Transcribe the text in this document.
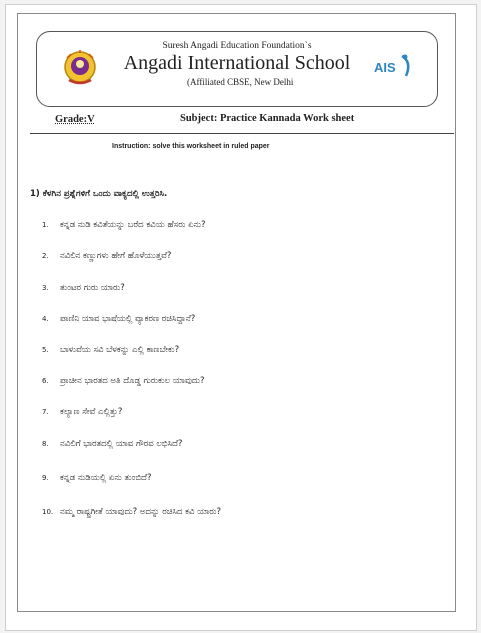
Suresh Angadi Education Foundation`s
Angadi International School
(Affiliated CBSE, New Delhi
AIS
Grade:V	Subject: Practice Kannada Work sheet
Instruction: solve this worksheet in ruled paper
1) ಕೆಳಗಿನ ಪ್ರಶ್ನೆಗಳಿಗೆ ಒಂದು ವಾಕ್ಯದಲ್ಲಿ ಉತ್ತರಿಸಿ.
1. ಕನ್ನಡ ನುಡಿ ಕವಿತೆಯನ್ನು ಬರೆದ ಕವಿಯ ಹೆಸರು ಏನು?
2. ನವಿಲಿನ ಕಣ್ಣುಗಳು ಹೇಗೆ ಹೊಳೆಯುತ್ತವೆ?
3. ತುಂಟರ ಗುರು ಯಾರು?
4. ಪಾಣಿನಿ ಯಾವ ಭಾಷೆಯಲ್ಲಿ ವ್ಯಾಕರಣ ರಚಿಸಿದ್ದಾನೆ?
5. ಬಾಳುವೆಯ ಸವಿ ಬೆಳಕನ್ನು ಎಲ್ಲಿ ಕಾಣಬೇಕು?
6. ಪ್ರಾಚೀನ ಭಾರತದ ಅತಿ ದೊಡ್ಡ ಗುರುಕುಲ ಯಾವುದು?
7. ಕಲ್ಯಾಣ ಸೇವೆ ಎಲ್ಲಿತ್ತು?
8. ನವಿಲಿಗೆ ಭಾರತದಲ್ಲಿ ಯಾವ ಗೌರವ ಲಭಿಸಿದೆ?
9. ಕನ್ನಡ ನುಡಿಯಲ್ಲಿ ಏನು ತುಂಬಿದೆ?
10. ನಮ್ಮ ರಾಷ್ಟ್ರಗೀತೆ ಯಾವುದು? ಅದನ್ನು ರಚಿಸಿದ ಕವಿ ಯಾರು?
